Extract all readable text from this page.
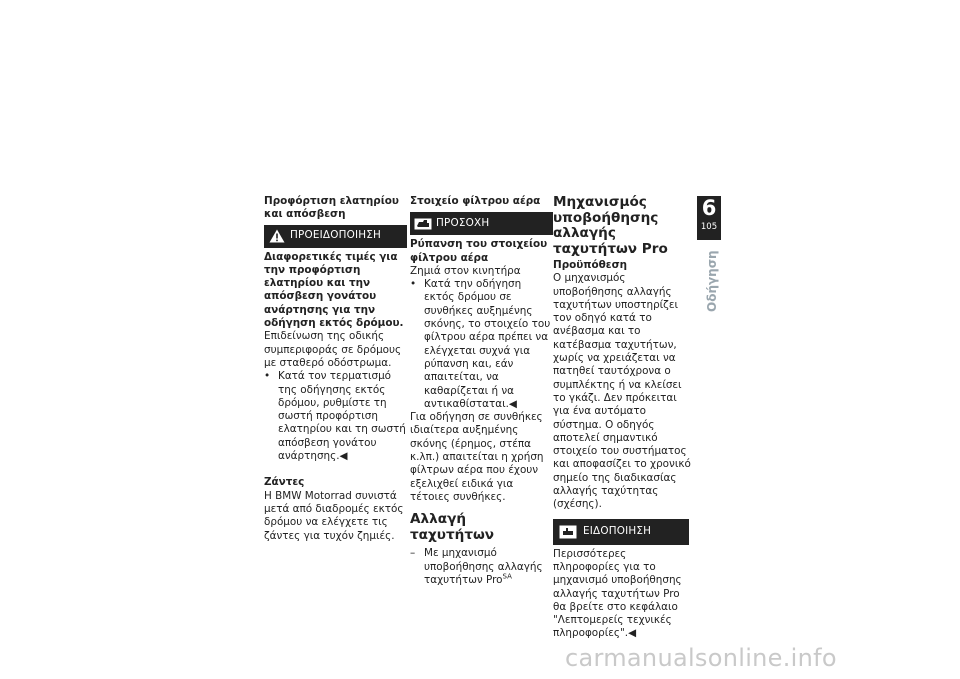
Προφόρτιση ελατηρίου και απόσβεση
ΠΡΟΕΙΔΟΠΟΙΗΣΗ

Διαφορετικές τιμές για την προφόρτιση ελατηρίου και την απόσβεση γονάτου ανάρτησης για την οδήγηση εκτός δρόμου.

Επιδείνωση της οδικής συμπεριφοράς σε δρόμους με σταθερό οδόστρωμα.

• Κατά τον τερματισμό της οδήγησης εκτός δρόμου, ρυθμίστε τη σωστή προφόρτιση ελατηρίου και τη σωστή απόσβεση γονάτου ανάρτησης.◀
Ζάντες

Η BMW Motorrad συνιστά μετά από διαδρομές εκτός δρόμου να ελέγχετε τις ζάντες για τυχόν ζημιές.

Στοιχείο φίλτρου αέρα
ΠΡΟΣΟΧΗ

Ρύπανση του στοιχείου φίλτρου αέρα

Ζημιά στον κινητήρα

• Κατά την οδήγηση εκτός δρόμου σε συνθήκες αυξημένης σκόνης, το στοιχείο του φίλτρου αέρα πρέπει να ελέγχεται συχνά για ρύπανση και, εάν απαιτείται, να καθαρίζεται ή να αντικαθίσταται.◀

Για οδήγηση σε συνθήκες ιδιαίτερα αυξημένης σκόνης (έρημος, στέπα κ.λπ.) απαιτείται η χρήση φίλτρων αέρα που έχουν εξελιχθεί ειδικά για τέτοιες συνθήκες.

Αλλαγή ταχυτήτων
– Με μηχανισμό υποβοήθησης αλλαγής ταχυτήτων Pro$^{SA}$
Μηχανισμός υποβοήθησης αλλαγής ταχυτήτων Pro
Προϋπόθεση

Ο μηχανισμός υποβοήθησης αλλαγής ταχυτήτων υποστηρίζει τον οδηγό κατά το ανέβασμα και το κατέβασμα ταχυτήτων, χωρίς να χρειάζεται να πατηθεί ταυτόχρονα ο συμπλέκτης ή να κλείσει το γκάζι. Δεν πρόκειται για ένα αυτόματο σύστημα. Ο οδηγός αποτελεί σημαντικό στοιχείο του συστήματος και αποφασίζει το χρονικό σημείο της διαδικασίας αλλαγής ταχύτητας (σχέσης).

ΕΙΔΟΠΟΙΗΣΗ

Περισσότερες πληροφορίες για το μηχανισμό υποβοήθησης αλλαγής ταχυτήτων Pro θα βρείτε στο κεφάλαιο "Λεπτομερείς τεχνικές πληροφορίες".◀

6
105
Οδήγηση
carmanualsonline.info
